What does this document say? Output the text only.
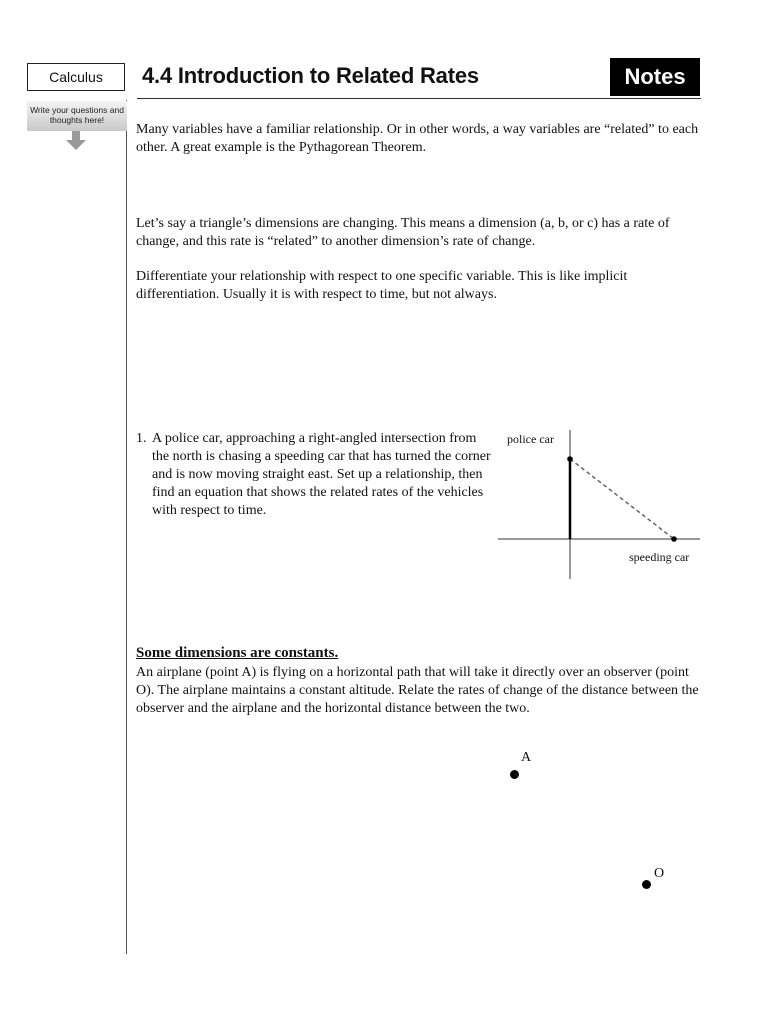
Calculus	4.4 Introduction to Related Rates	Notes
Write your questions and thoughts here!

Many variables have a familiar relationship. Or in other words, a way variables are “related” to each other. A great example is the Pythagorean Theorem.

Let’s say a triangle’s dimensions are changing. This means a dimension (a, b, or c) has a rate of change, and this rate is “related” to another dimension’s rate of change.

Differentiate your relationship with respect to one specific variable. This is like implicit differentiation. Usually it is with respect to time, but not always.

1. A police car, approaching a right-angled intersection from the north is chasing a speeding car that has turned the corner and is now moving straight east. Set up a relationship, then find an equation that shows the related rates of the vehicles with respect to time.
police car
speeding car

Some dimensions are constants.

An airplane (point A) is flying on a horizontal path that will take it directly over an observer (point O). The airplane maintains a constant altitude. Relate the rates of change of the distance between the observer and the airplane and the horizontal distance between the two.

A
O
